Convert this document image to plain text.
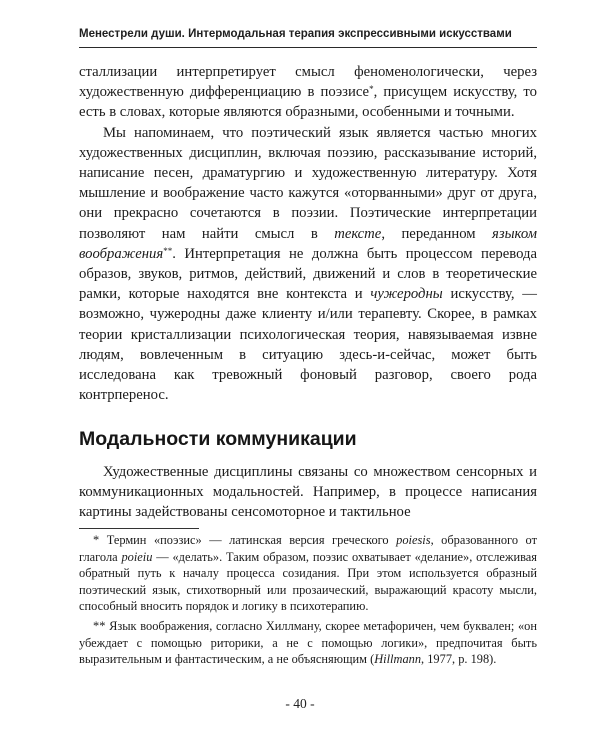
Менестрели души. Интермодальная терапия экспрессивными искусствами

сталлизации интерпретирует смысл феноменологически, через художественную дифференциацию в поэзисе*, присущем искусству, то есть в словах, которые являются образными, особенными и точными.

Мы напоминаем, что поэтический язык является частью многих художественных дисциплин, включая поэзию, рассказывание историй, написание песен, драматургию и художественную литературу. Хотя мышление и воображение часто кажутся «оторванными» друг от друга, они прекрасно сочетаются в поэзии. Поэтические интерпретации позволяют нам найти смысл в тексте, переданном языком воображения**. Интерпретация не должна быть процессом перевода образов, звуков, ритмов, действий, движений и слов в теоретические рамки, которые находятся вне контекста и чужеродны искусству, — возможно, чужеродны даже клиенту и/или терапевту. Скорее, в рамках теории кристаллизации психологическая теория, навязываемая извне людям, вовлеченным в ситуацию здесь-и-сейчас, может быть исследована как тревожный фоновый разговор, своего рода контрперенос.

Модальности коммуникации

Художественные дисциплины связаны со множеством сенсорных и коммуникационных модальностей. Например, в процессе написания картины задействованы сенсомоторное и тактильное

* Термин «поэзис» — латинская версия греческого poiesis, образованного от глагола poieiu — «делать». Таким образом, поэзис охватывает «делание», отслеживая обратный путь к началу процесса созидания. При этом используется образный поэтический язык, стихотворный или прозаический, выражающий красоту мысли, способный вносить порядок и логику в психотерапию.

** Язык воображения, согласно Хиллману, скорее метафоричен, чем буквален; «он убеждает с помощью риторики, а не с помощью логики», предпочитая быть выразительным и фантастическим, а не объясняющим (Hillmann, 1977, p. 198).

- 40 -
